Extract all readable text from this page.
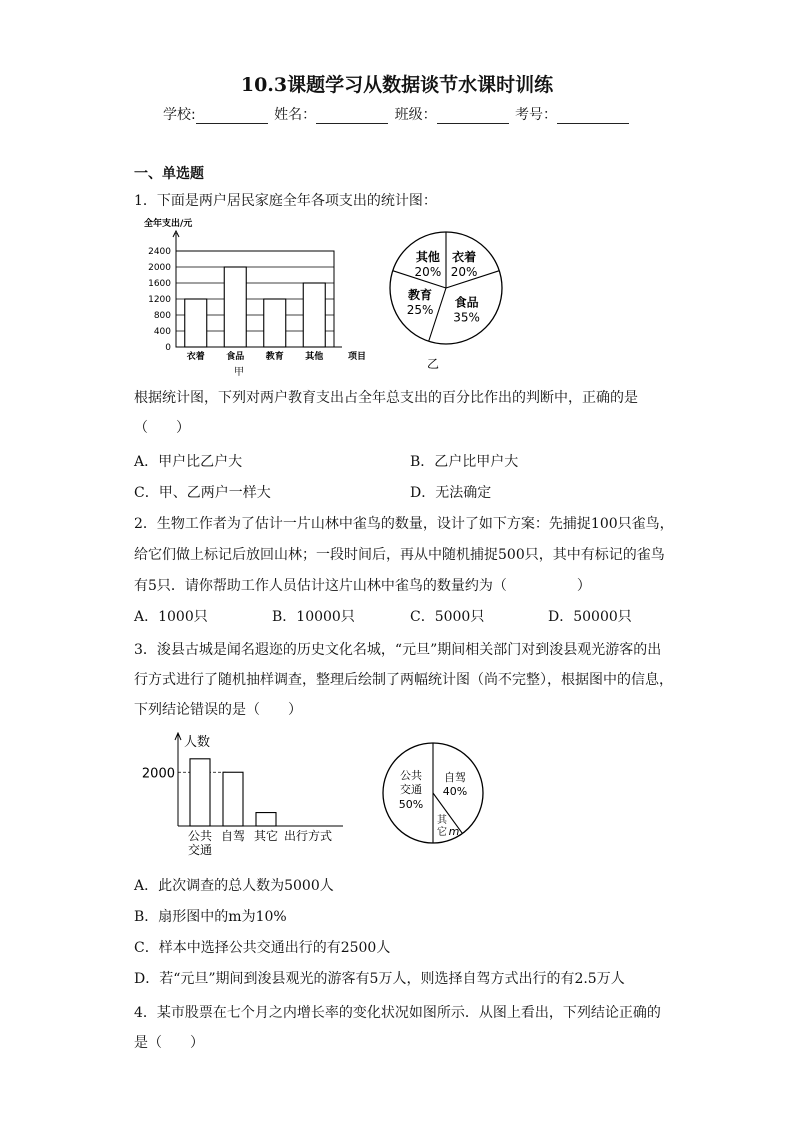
10.3课题学习从数据谈节水课时训练
学校:	姓名：	班级：	考号：
一、单选题
1．下面是两户居民家庭全年各项支出的统计图：
全年支出/元
0
400
800
1200
1600
2000
2400
衣着 食品 教育 其他	项目
甲
其他
20%
衣着
20%
食品
35%
教育
25%
乙
根据统计图，下列对两户教育支出占全年总支出的百分比作出的判断中，正确的是
（　　）
A．甲户比乙户大	B．乙户比甲户大
C．甲、乙两户一样大	D．无法确定
2．生物工作者为了估计一片山林中雀鸟的数量，设计了如下方案：先捕捉100只雀鸟，
给它们做上标记后放回山林；一段时间后，再从中随机捕捉500只，其中有标记的雀鸟
有5只．请你帮助工作人员估计这片山林中雀鸟的数量约为（　　　　　）
A．1000只	B．10000只	C．5000只	D．50000只
3．浚县古城是闻名遐迩的历史文化名城，“元旦”期间相关部门对到浚县观光游客的出
行方式进行了随机抽样调查，整理后绘制了两幅统计图（尚不完整），根据图中的信息，
下列结论错误的是（　　）
人数
2000
公共
交通
自驾 其它 出行方式
公共
交通
50%
自驾
40%
其
它 m
A．此次调查的总人数为5000人
B．扇形图中的m为10%
C．样本中选择公共交通出行的有2500人
D．若“元旦”期间到浚县观光的游客有5万人，则选择自驾方式出行的有2.5万人
4．某市股票在七个月之内增长率的变化状况如图所示．从图上看出，下列结论正确的
是（　　）
